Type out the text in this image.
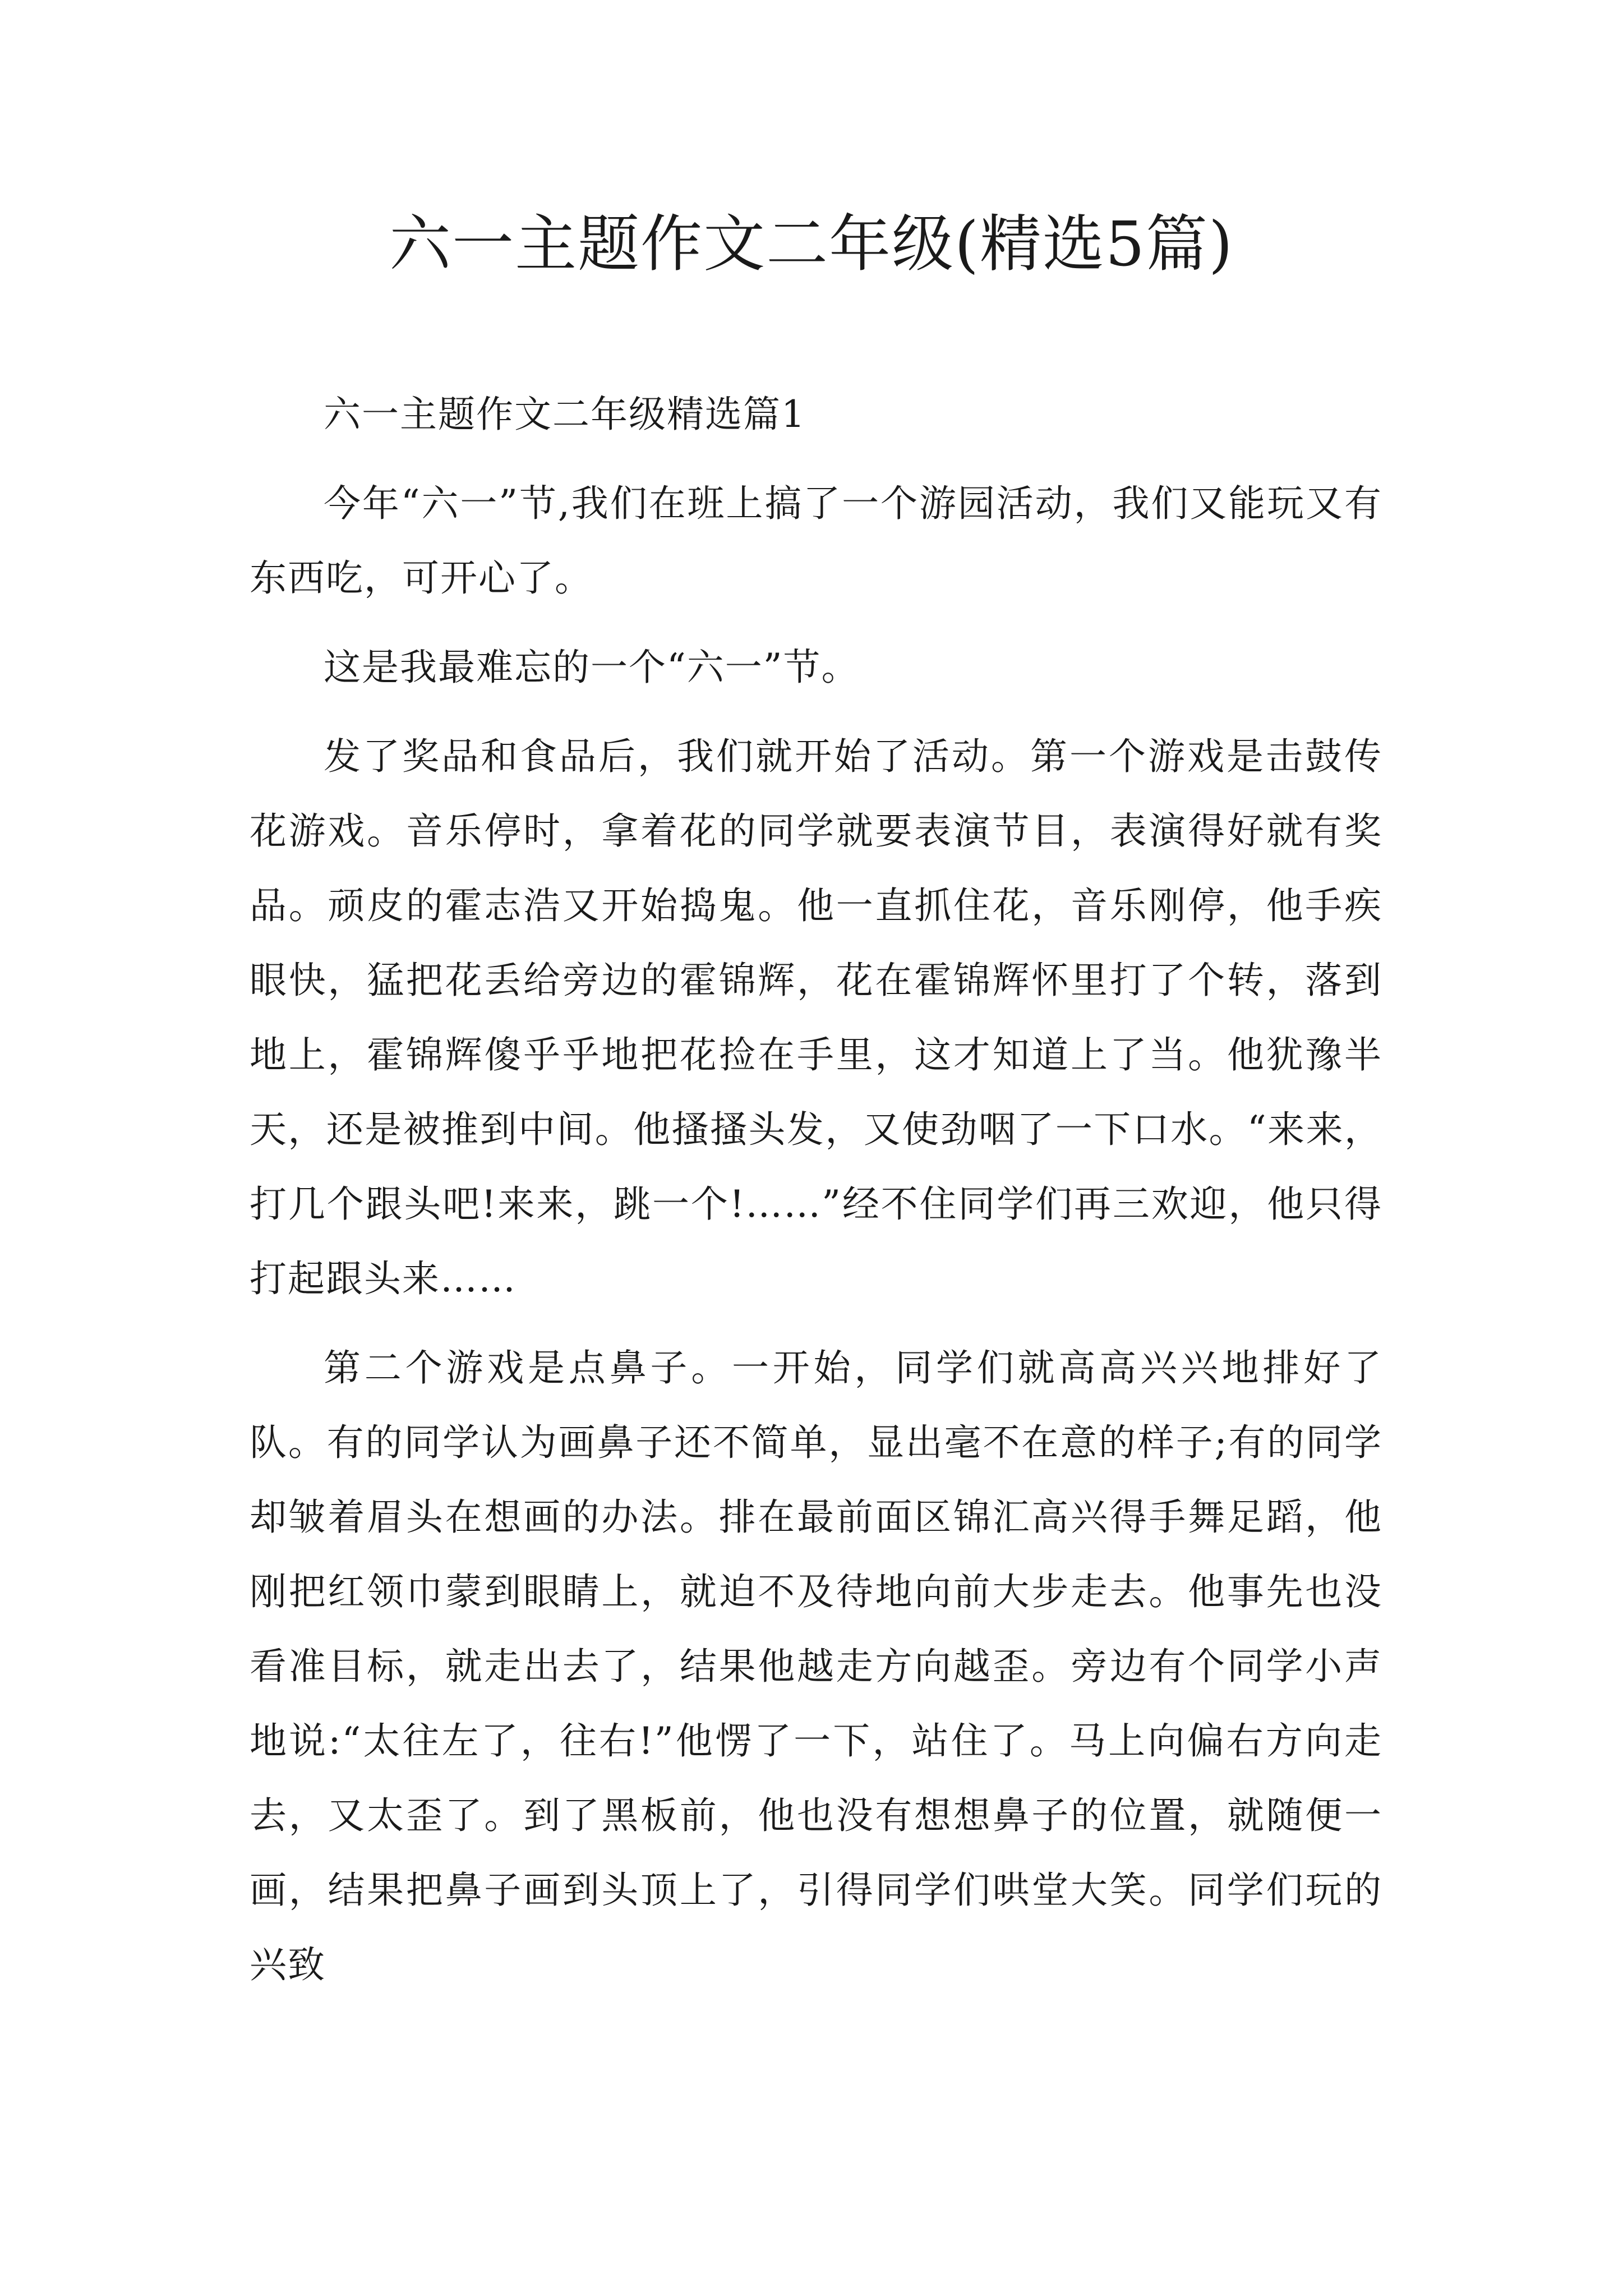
六一主题作文二年级(精选5篇)
六一主题作文二年级精选篇1

今年“六一”节,我们在班上搞了一个游园活动，我们又能玩又有东西吃，可开心了。

这是我最难忘的一个“六一”节。

发了奖品和食品后，我们就开始了活动。第一个游戏是击鼓传花游戏。音乐停时，拿着花的同学就要表演节目，表演得好就有奖品。顽皮的霍志浩又开始捣鬼。他一直抓住花，音乐刚停，他手疾眼快，猛把花丢给旁边的霍锦辉，花在霍锦辉怀里打了个转，落到地上，霍锦辉傻乎乎地把花捡在手里，这才知道上了当。他犹豫半天，还是被推到中间。他搔搔头发，又使劲咽了一下口水。“来来，打几个跟头吧!来来，跳一个!……”经不住同学们再三欢迎，他只得打起跟头来……

第二个游戏是点鼻子。一开始，同学们就高高兴兴地排好了队。有的同学认为画鼻子还不简单，显出毫不在意的样子;有的同学却皱着眉头在想画的办法。排在最前面区锦汇高兴得手舞足蹈，他刚把红领巾蒙到眼睛上，就迫不及待地向前大步走去。他事先也没看准目标，就走出去了，结果他越走方向越歪。旁边有个同学小声地说:“太往左了，往右!”他愣了一下，站住了。马上向偏右方向走去，又太歪了。到了黑板前，他也没有想想鼻子的位置，就随便一画，结果把鼻子画到头顶上了，引得同学们哄堂大笑。同学们玩的兴致
